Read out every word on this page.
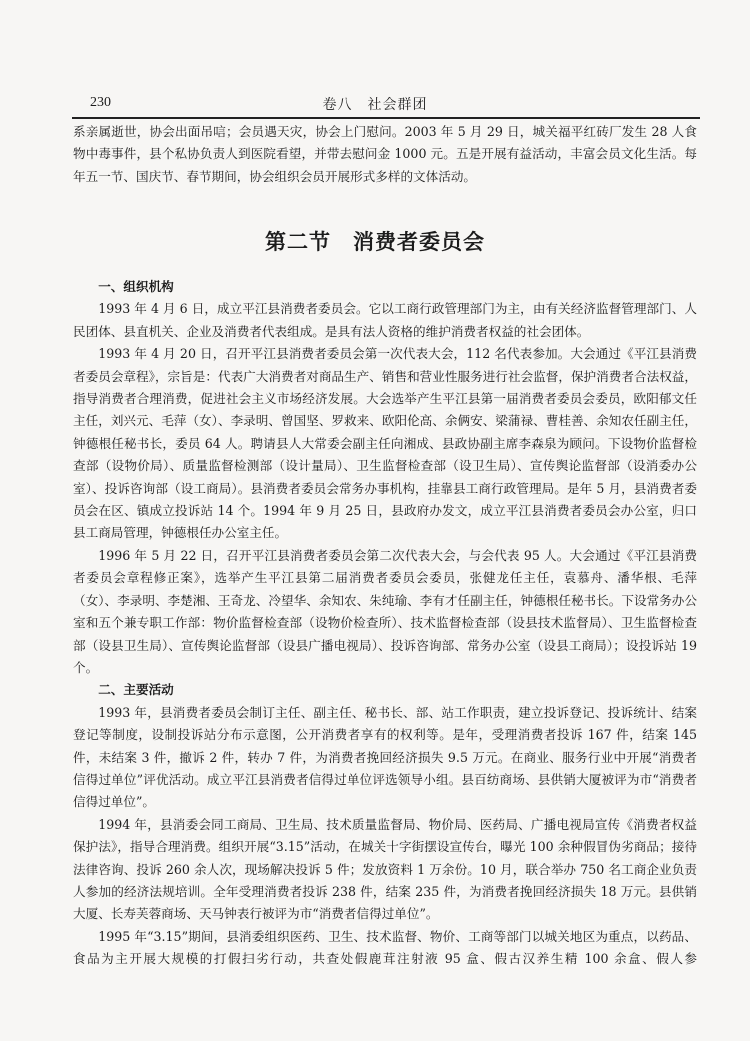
230	卷八　社会群团

系亲属逝世，协会出面吊唁；会员遇天灾，协会上门慰问。2003 年 5 月 29 日，城关福平红砖厂发生 28 人食物中毒事件，县个私协负责人到医院看望，并带去慰问金 1000 元。五是开展有益活动，丰富会员文化生活。每年五一节、国庆节、春节期间，协会组织会员开展形式多样的文体活动。

第二节　消费者委员会

一、组织机构

1993 年 4 月 6 日，成立平江县消费者委员会。它以工商行政管理部门为主，由有关经济监督管理部门、人民团体、县直机关、企业及消费者代表组成。是具有法人资格的维护消费者权益的社会团体。

1993 年 4 月 20 日，召开平江县消费者委员会第一次代表大会，112 名代表参加。大会通过《平江县消费者委员会章程》，宗旨是：代表广大消费者对商品生产、销售和营业性服务进行社会监督，保护消费者合法权益，指导消费者合理消费，促进社会主义市场经济发展。大会选举产生平江县第一届消费者委员会委员，欧阳郁文任主任，刘兴元、毛萍（女）、李录明、曾国坚、罗救来、欧阳伦高、余俩安、梁蒲禄、曹桂善、余知农任副主任，钟德根任秘书长，委员 64 人。聘请县人大常委会副主任向湘成、县政协副主席李森泉为顾问。下设物价监督检查部（设物价局）、质量监督检测部（设计量局）、卫生监督检查部（设卫生局）、宣传舆论监督部（设消委办公室）、投诉咨询部（设工商局）。县消费者委员会常务办事机构，挂靠县工商行政管理局。是年 5 月，县消费者委员会在区、镇成立投诉站 14 个。1994 年 9 月 25 日，县政府办发文，成立平江县消费者委员会办公室，归口县工商局管理，钟德根任办公室主任。

1996 年 5 月 22 日，召开平江县消费者委员会第二次代表大会，与会代表 95 人。大会通过《平江县消费者委员会章程修正案》，选举产生平江县第二届消费者委员会委员，张健龙任主任，袁慕舟、潘华根、毛萍（女）、李录明、李楚湘、王奇龙、冷望华、余知农、朱纯瑜、李有才任副主任，钟德根任秘书长。下设常务办公室和五个兼专职工作部：物价监督检查部（设物价检查所）、技术监督检查部（设县技术监督局）、卫生监督检查部（设县卫生局）、宣传舆论监督部（设县广播电视局）、投诉咨询部、常务办公室（设县工商局）；设投诉站 19 个。

二、主要活动

1993 年，县消费者委员会制订主任、副主任、秘书长、部、站工作职责，建立投诉登记、投诉统计、结案登记等制度，设制投诉站分布示意图，公开消费者享有的权利等。是年，受理消费者投诉 167 件，结案 145 件，未结案 3 件，撤诉 2 件，转办 7 件，为消费者挽回经济损失 9.5 万元。在商业、服务行业中开展“消费者信得过单位”评优活动。成立平江县消费者信得过单位评选领导小组。县百纺商场、县供销大厦被评为市“消费者信得过单位”。

1994 年，县消委会同工商局、卫生局、技术质量监督局、物价局、医药局、广播电视局宣传《消费者权益保护法》，指导合理消费。组织开展“3.15”活动，在城关十字街摆设宣传台，曝光 100 余种假冒伪劣商品；接待法律咨询、投诉 260 余人次，现场解决投诉 5 件；发放资料 1 万余份。10 月，联合举办 750 名工商企业负责人参加的经济法规培训。全年受理消费者投诉 238 件，结案 235 件，为消费者挽回经济损失 18 万元。县供销大厦、长寿芙蓉商场、天马钟表行被评为市“消费者信得过单位”。

1995 年“3.15”期间，县消委组织医药、卫生、技术监督、物价、工商等部门以城关地区为重点，以药品、食品为主开展大规模的打假扫劣行动，共查处假鹿茸注射液 95 盒、假古汉养生精 100 余盒、假人参
